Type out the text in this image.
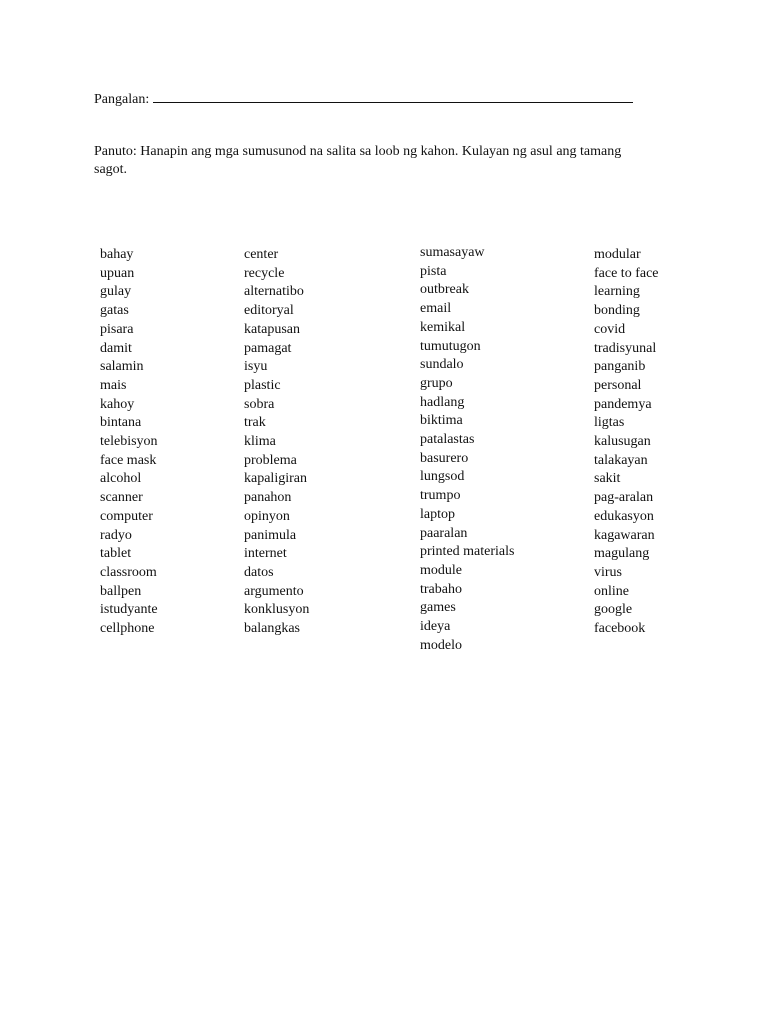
Pangalan:
Panuto: Hanapin ang mga sumusunod na salita sa loob ng kahon. Kulayan ng asul ang tamang sagot.
bahay
upuan
gulay
gatas
pisara
damit
salamin
mais
kahoy
bintana
telebisyon
face mask
alcohol
scanner
computer
radyo
tablet
classroom
ballpen
istudyante
cellphone
center
recycle
alternatibo
editoryal
katapusan
pamagat
isyu
plastic
sobra
trak
klima
problema
kapaligiran
panahon
opinyon
panimula
internet
datos
argumento
konklusyon
balangkas
sumasayaw
pista
outbreak
email
kemikal
tumutugon
sundalo
grupo
hadlang
biktima
patalastas
basurero
lungsod
trumpo
laptop
paaralan
printed materials
module
trabaho
games
ideya
modelo
modular
face to face
learning
bonding
covid
tradisyunal
panganib
personal
pandemya
ligtas
kalusugan
talakayan
sakit
pag-aralan
edukasyon
kagawaran
magulang
virus
online
google
facebook
